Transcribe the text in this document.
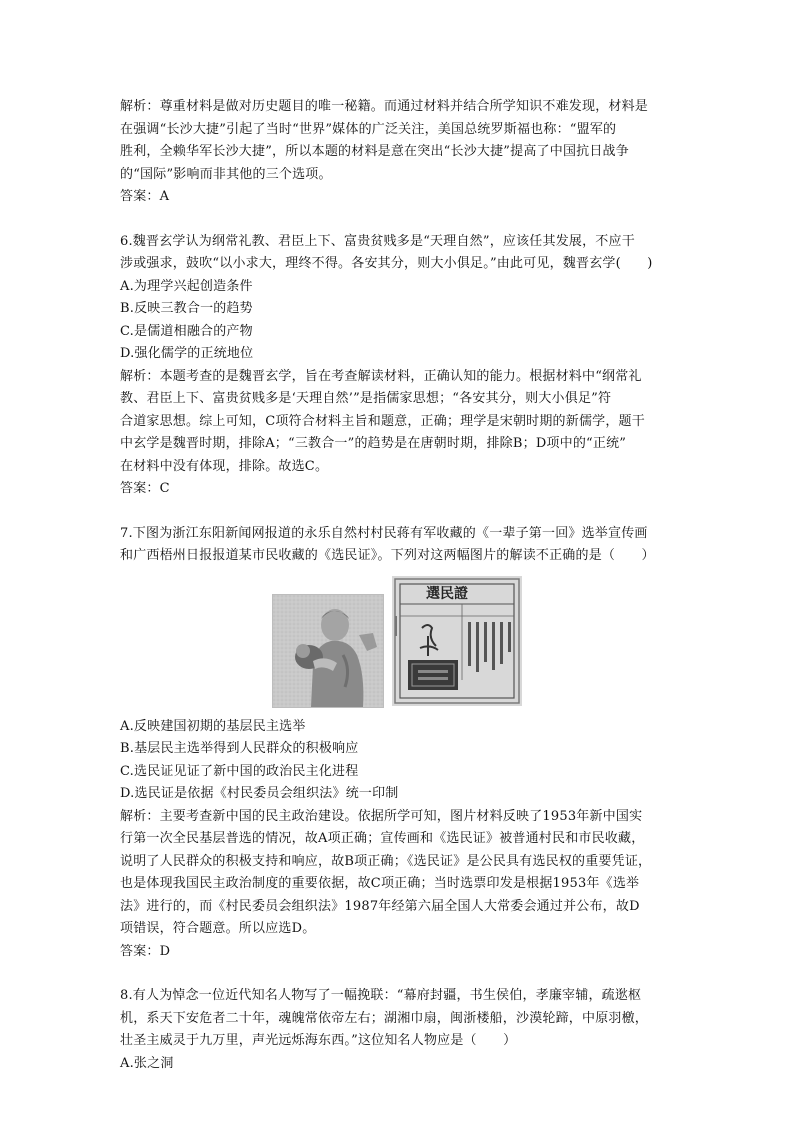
解析：尊重材料是做对历史题目的唯一秘籍。而通过材料并结合所学知识不难发现，材料是
在强调“长沙大捷”引起了当时“世界”媒体的广泛关注，美国总统罗斯福也称：“盟军的
胜利，全赖华军长沙大捷”，所以本题的材料是意在突出“长沙大捷”提高了中国抗日战争
的“国际”影响而非其他的三个选项。
答案：A
6.魏晋玄学认为纲常礼教、君臣上下、富贵贫贱多是“天理自然”，应该任其发展，不应干
涉或强求，鼓吹“以小求大，理终不得。各安其分，则大小俱足。”由此可见，魏晋玄学(　　)
A.为理学兴起创造条件
B.反映三教合一的趋势
C.是儒道相融合的产物
D.强化儒学的正统地位
解析：本题考查的是魏晋玄学，旨在考查解读材料，正确认知的能力。根据材料中“纲常礼
教、君臣上下、富贵贫贱多是‘天理自然’”是指儒家思想；“各安其分，则大小俱足”符
合道家思想。综上可知，C项符合材料主旨和题意，正确；理学是宋朝时期的新儒学，题干
中玄学是魏晋时期，排除A；“三教合一”的趋势是在唐朝时期，排除B；D项中的“正统”
在材料中没有体现，排除。故选C。
答案：C
7.下图为浙江东阳新闻网报道的永乐自然村村民蒋有军收藏的《一辈子第一回》选举宣传画
和广西梧州日报报道某市民收藏的《选民证》。下列对这两幅图片的解读不正确的是（　　）
選民證
A.反映建国初期的基层民主选举
B.基层民主选举得到人民群众的积极响应
C.选民证见证了新中国的政治民主化进程
D.选民证是依据《村民委员会组织法》统一印制
解析：主要考查新中国的民主政治建设。依据所学可知，图片材料反映了1953年新中国实
行第一次全民基层普选的情况，故A项正确；宣传画和《选民证》被普通村民和市民收藏，
说明了人民群众的积极支持和响应，故B项正确；《选民证》是公民具有选民权的重要凭证，
也是体现我国民主政治制度的重要依据，故C项正确；当时选票印发是根据1953年《选举
法》进行的，而《村民委员会组织法》1987年经第六届全国人大常委会通过并公布，故D
项错误，符合题意。所以应选D。
答案：D
8.有人为悼念一位近代知名人物写了一幅挽联：“幕府封疆，书生侯伯，孝廉宰辅，疏逖枢
机，系天下安危者二十年，魂魄常依帝左右；湖湘巾扇，闽浙楼船，沙漠轮蹄，中原羽檄，
壮圣主威灵于九万里，声光远烁海东西。”这位知名人物应是（　　）
A.张之洞
